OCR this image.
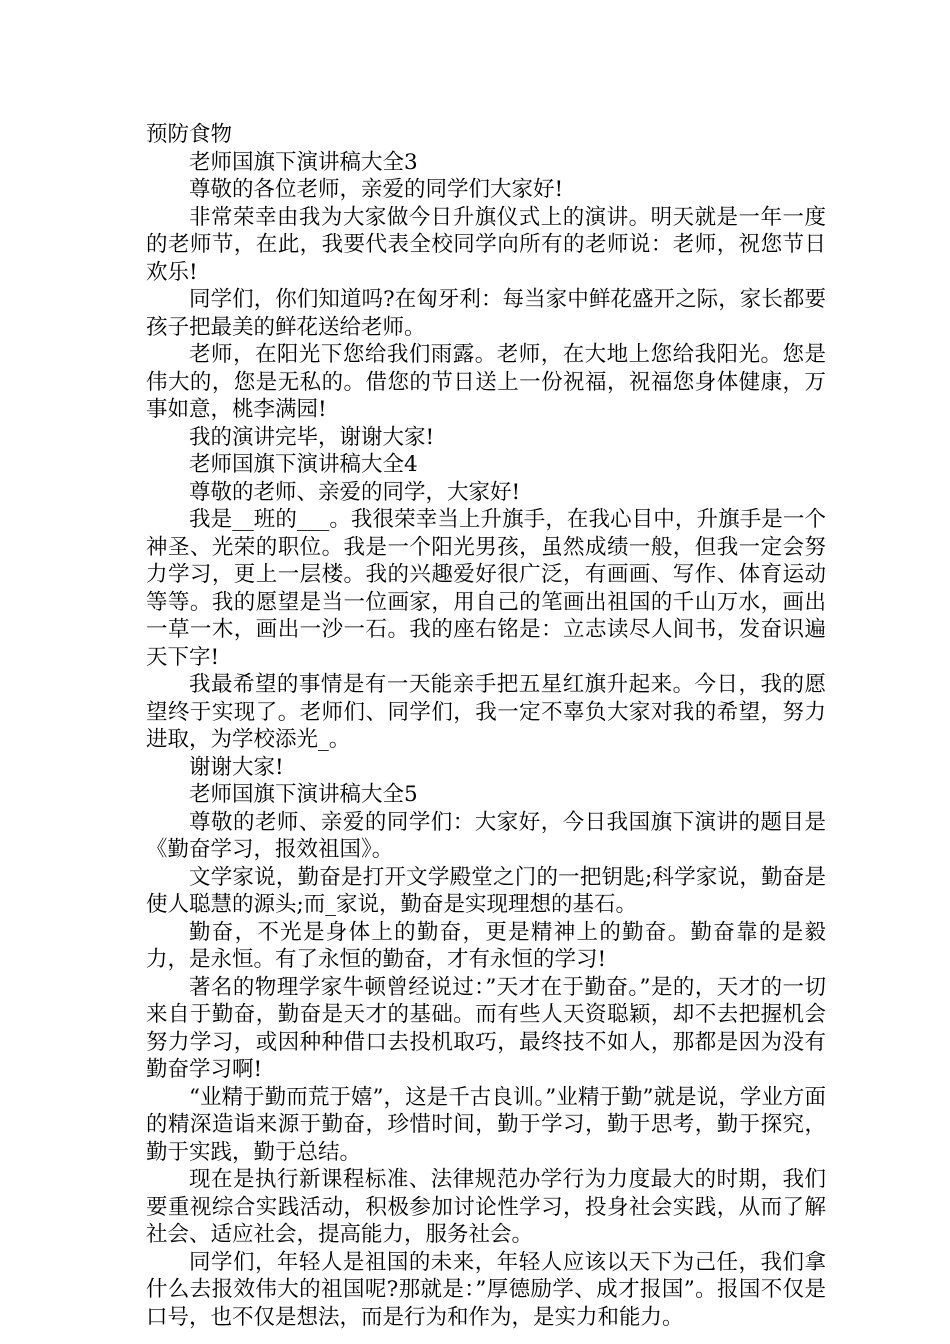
预防食物

老师国旗下演讲稿大全3

尊敬的各位老师，亲爱的同学们大家好!

非常荣幸由我为大家做今日升旗仪式上的演讲。明天就是一年一度的老师节，在此，我要代表全校同学向所有的老师说：老师，祝您节日欢乐!

同学们，你们知道吗?在匈牙利：每当家中鲜花盛开之际，家长都要孩子把最美的鲜花送给老师。

老师，在阳光下您给我们雨露。老师，在大地上您给我阳光。您是伟大的，您是无私的。借您的节日送上一份祝福，祝福您身体健康，万事如意，桃李满园!

我的演讲完毕，谢谢大家!

老师国旗下演讲稿大全4

尊敬的老师、亲爱的同学，大家好!

我是__班的___。我很荣幸当上升旗手，在我心目中，升旗手是一个神圣、光荣的职位。我是一个阳光男孩，虽然成绩一般，但我一定会努力学习，更上一层楼。我的兴趣爱好很广泛，有画画、写作、体育运动等等。我的愿望是当一位画家，用自己的笔画出祖国的千山万水，画出一草一木，画出一沙一石。我的座右铭是：立志读尽人间书，发奋识遍天下字!

我最希望的事情是有一天能亲手把五星红旗升起来。今日，我的愿望终于实现了。老师们、同学们，我一定不辜负大家对我的希望，努力进取，为学校添光_。

谢谢大家!

老师国旗下演讲稿大全5

尊敬的老师、亲爱的同学们：大家好，今日我国旗下演讲的题目是《勤奋学习，报效祖国》。

文学家说，勤奋是打开文学殿堂之门的一把钥匙;科学家说，勤奋是使人聪慧的源头;而_家说，勤奋是实现理想的基石。

勤奋，不光是身体上的勤奋，更是精神上的勤奋。勤奋靠的是毅力，是永恒。有了永恒的勤奋，才有永恒的学习!

著名的物理学家牛顿曾经说过：”天才在于勤奋。”是的，天才的一切来自于勤奋，勤奋是天才的基础。而有些人天资聪颖，却不去把握机会努力学习，或因种种借口去投机取巧，最终技不如人，那都是因为没有勤奋学习啊!

“业精于勤而荒于嬉”，这是千古良训。”业精于勤”就是说，学业方面的精深造诣来源于勤奋，珍惜时间，勤于学习，勤于思考，勤于探究，勤于实践，勤于总结。

现在是执行新课程标准、法律规范办学行为力度最大的时期，我们要重视综合实践活动，积极参加讨论性学习，投身社会实践，从而了解社会、适应社会，提高能力，服务社会。

同学们，年轻人是祖国的未来，年轻人应该以天下为己任，我们拿什么去报效伟大的祖国呢?那就是：”厚德励学、成才报国”。报国不仅是口号，也不仅是想法，而是行为和作为，是实力和能力。
